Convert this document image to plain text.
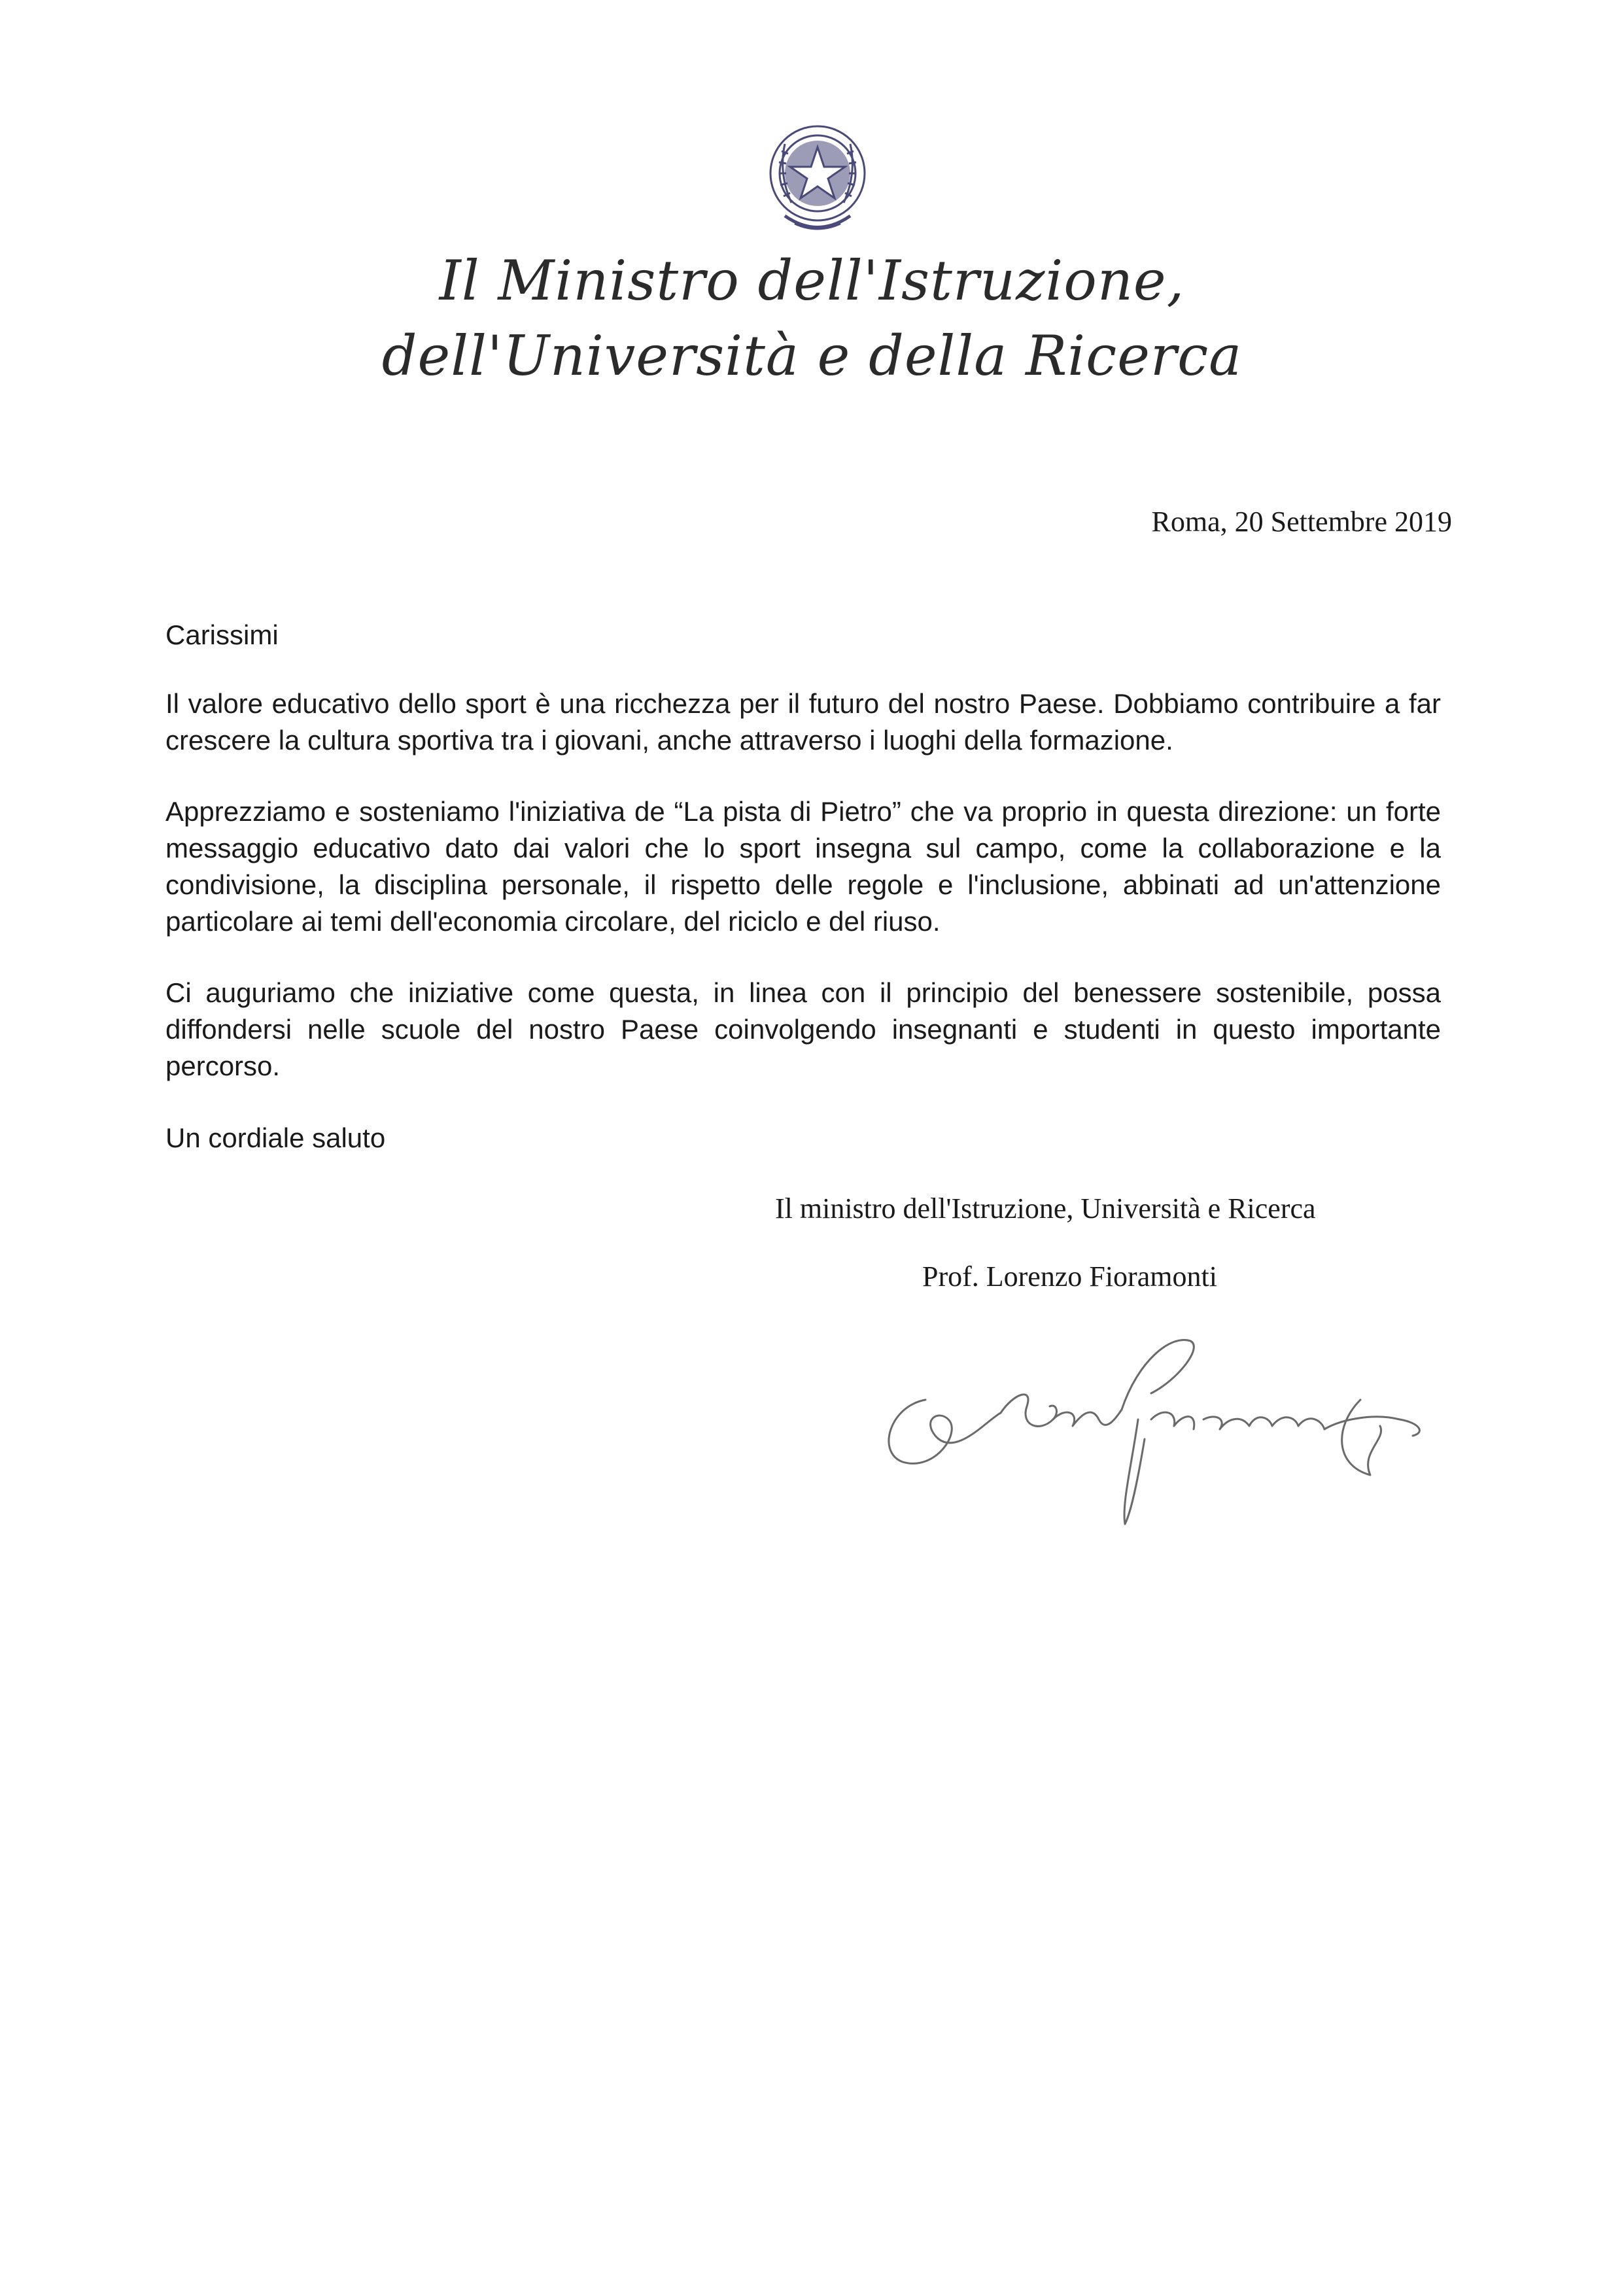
Il Ministro dell'Istruzione,
dell'Università e della Ricerca
Roma, 20 Settembre 2019
Carissimi
Il valore educativo dello sport è una ricchezza per il futuro del nostro Paese. Dobbiamo contribuire a far crescere la cultura sportiva tra i giovani, anche attraverso i luoghi della formazione.
Apprezziamo e sosteniamo l'iniziativa de “La pista di Pietro” che va proprio in questa direzione: un forte messaggio educativo dato dai valori che lo sport insegna sul campo, come la collaborazione e la condivisione, la disciplina personale, il rispetto delle regole e l'inclusione, abbinati ad un'attenzione particolare ai temi dell'economia circolare, del riciclo e del riuso.
Ci auguriamo che iniziative come questa, in linea con il principio del benessere sostenibile, possa diffondersi nelle scuole del nostro Paese coinvolgendo insegnanti e studenti in questo importante percorso.
Un cordiale saluto
Il ministro dell'Istruzione, Università e Ricerca
Prof. Lorenzo Fioramonti
